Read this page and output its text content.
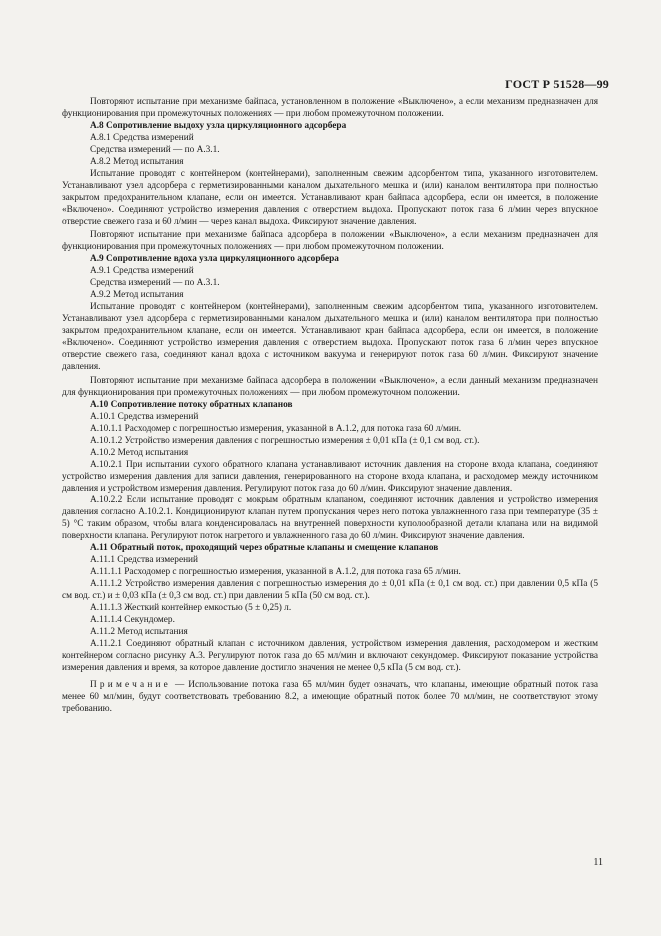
ГОСТ Р 51528—99

Повторяют испытание при механизме байпаса, установленном в положение «Выключено», а если механизм предназначен для функционирования при промежуточных положениях — при любом промежуточном положении.

А.8 Сопротивление выдоху узла циркуляционного адсорбера

А.8.1 Средства измерений

Средства измерений — по А.3.1.

А.8.2 Метод испытания

Испытание проводят с контейнером (контейнерами), заполненным свежим адсорбентом типа, указанного изготовителем. Устанавливают узел адсорбера с герметизированными каналом дыхательного мешка и (или) каналом вентилятора при полностью закрытом предохранительном клапане, если он имеется. Устанавливают кран байпаса адсорбера, если он имеется, в положение «Включено». Соединяют устройство измерения давления с отверстием выдоха. Пропускают поток газа 6 л/мин через впускное отверстие свежего газа и 60 л/мин — через канал выдоха. Фиксируют значение давления.

Повторяют испытание при механизме байпаса адсорбера в положении «Выключено», а если механизм предназначен для функционирования при промежуточных положениях — при любом промежуточном положении.

А.9 Сопротивление вдоха узла циркуляционного адсорбера

А.9.1 Средства измерений

Средства измерений — по А.3.1.

А.9.2 Метод испытания

Испытание проводят с контейнером (контейнерами), заполненным свежим адсорбентом типа, указанного изготовителем. Устанавливают узел адсорбера с герметизированными каналом дыхательного мешка и (или) каналом вентилятора при полностью закрытом предохранительном клапане, если он имеется. Устанавливают кран байпаса адсорбера, если он имеется, в положение «Включено». Соединяют устройство измерения давления с отверстием выдоха. Пропускают поток газа 6 л/мин через впускное отверстие свежего газа, соединяют канал вдоха с источником вакуума и генерируют поток газа 60 л/мин. Фиксируют значение давления.

Повторяют испытание при механизме байпаса адсорбера в положении «Выключено», а если данный механизм предназначен для функционирования при промежуточных положениях — при любом промежуточном положении.

А.10 Сопротивление потоку обратных клапанов

А.10.1 Средства измерений

А.10.1.1 Расходомер с погрешностью измерения, указанной в А.1.2, для потока газа 60 л/мин.

А.10.1.2 Устройство измерения давления с погрешностью измерения ± 0,01 кПа (± 0,1 см вод. ст.).

А.10.2 Метод испытания

А.10.2.1 При испытании сухого обратного клапана устанавливают источник давления на стороне входа клапана, соединяют устройство измерения давления для записи давления, генерированного на стороне входа клапана, и расходомер между источником давления и устройством измерения давления. Регулируют поток газа до 60 л/мин. Фиксируют значение давления.

А.10.2.2 Если испытание проводят с мокрым обратным клапаном, соединяют источник давления и устройство измерения давления согласно А.10.2.1. Кондиционируют клапан путем пропускания через него потока увлажненного газа при температуре (35 ± 5) °С таким образом, чтобы влага конденсировалась на внутренней поверхности куполообразной детали клапана или на видимой поверхности клапана. Регулируют поток нагретого и увлажненного газа до 60 л/мин. Фиксируют значение давления.

А.11 Обратный поток, проходящий через обратные клапаны и смещение клапанов

А.11.1 Средства измерений

А.11.1.1 Расходомер с погрешностью измерения, указанной в А.1.2, для потока газа 65 л/мин.

А.11.1.2 Устройство измерения давления с погрешностью измерения до ± 0,01 кПа (± 0,1 см вод. ст.) при давлении 0,5 кПа (5 см вод. ст.) и ± 0,03 кПа (± 0,3 см вод. ст.) при давлении 5 кПа (50 см вод. ст.).

А.11.1.3 Жесткий контейнер емкостью (5 ± 0,25) л.

А.11.1.4 Секундомер.

А.11.2 Метод испытания

А.11.2.1 Соединяют обратный клапан с источником давления, устройством измерения давления, расходомером и жестким контейнером согласно рисунку А.3. Регулируют поток газа до 65 мл/мин и включают секундомер. Фиксируют показание устройства измерения давления и время, за которое давление достигло значения не менее 0,5 кПа (5 см вод. ст.).

Примечание — Использование потока газа 65 мл/мин будет означать, что клапаны, имеющие обратный поток газа менее 60 мл/мин, будут соответствовать требованию 8.2, а имеющие обратный поток более 70 мл/мин, не соответствуют этому требованию.

11
